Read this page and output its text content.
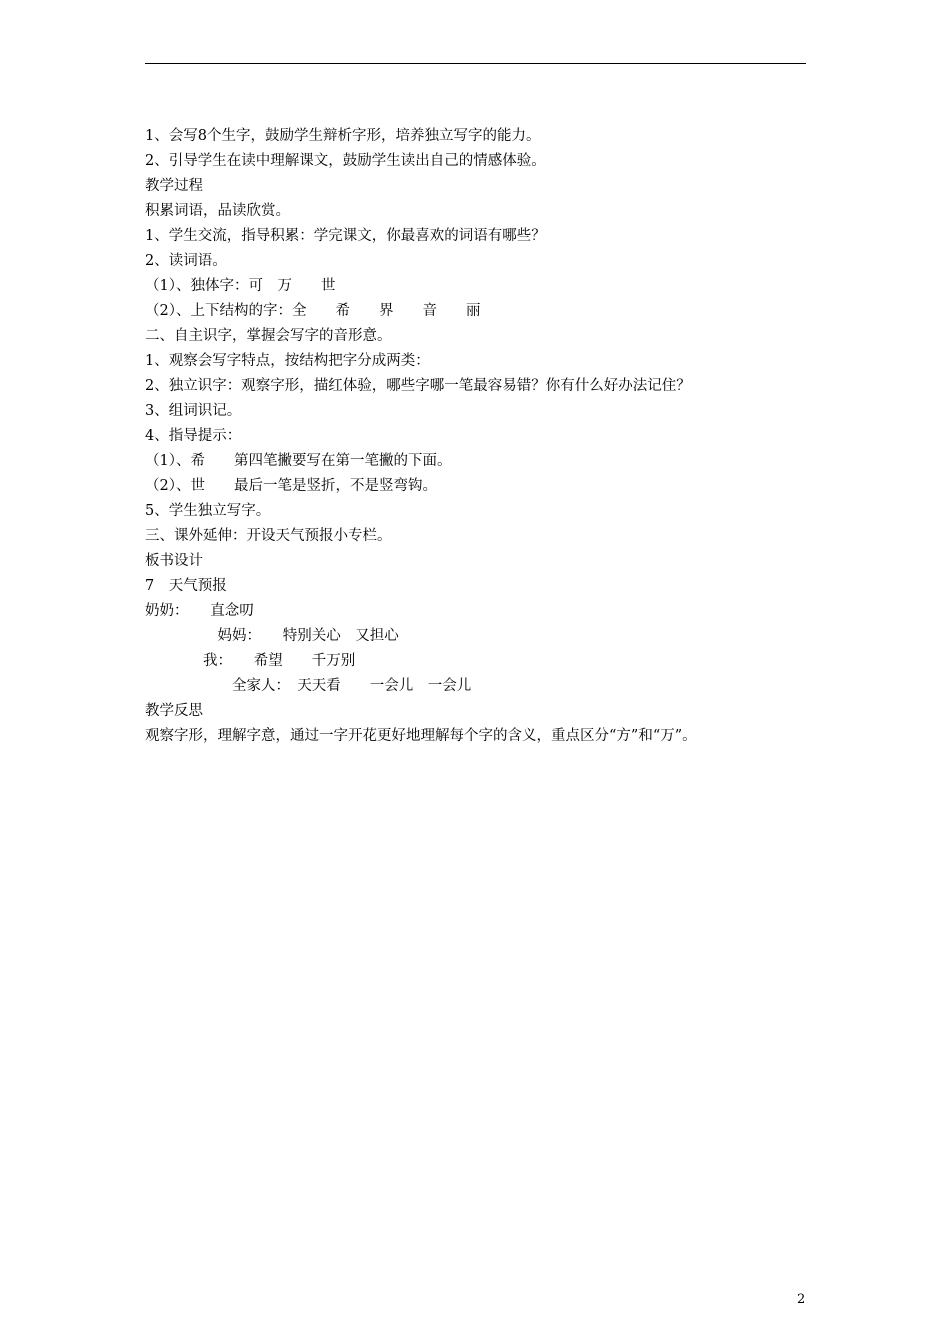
1、会写8个生字，鼓励学生辩析字形，培养独立写字的能力。

2、引导学生在读中理解课文，鼓励学生读出自己的情感体验。

教学过程

积累词语，品读欣赏。

1、学生交流，指导积累：学完课文，你最喜欢的词语有哪些？

2、读词语。

（1）、独体字：可　万　　世

（2）、上下结构的字：全　　希　　界　　音　　丽

二、自主识字，掌握会写字的音形意。

1、观察会写字特点，按结构把字分成两类：

2、独立识字：观察字形，描红体验，哪些字哪一笔最容易错？你有什么好办法记住？

3、组词识记。

4、指导提示：

（1）、希　　第四笔撇要写在第一笔撇的下面。

（2）、世　　最后一笔是竖折，不是竖弯钩。

5、学生独立写字。

三、课外延伸：开设天气预报小专栏。

板书设计

7　天气预报

奶奶：　　直念叨

　　　　　妈妈：　　特别关心　又担心

　　　　我：　　希望　　千万别

　　　　　　全家人：　天天看　　一会儿　一会儿

教学反思

观察字形，理解字意，通过一字开花更好地理解每个字的含义，重点区分“方”和“万”。

2
